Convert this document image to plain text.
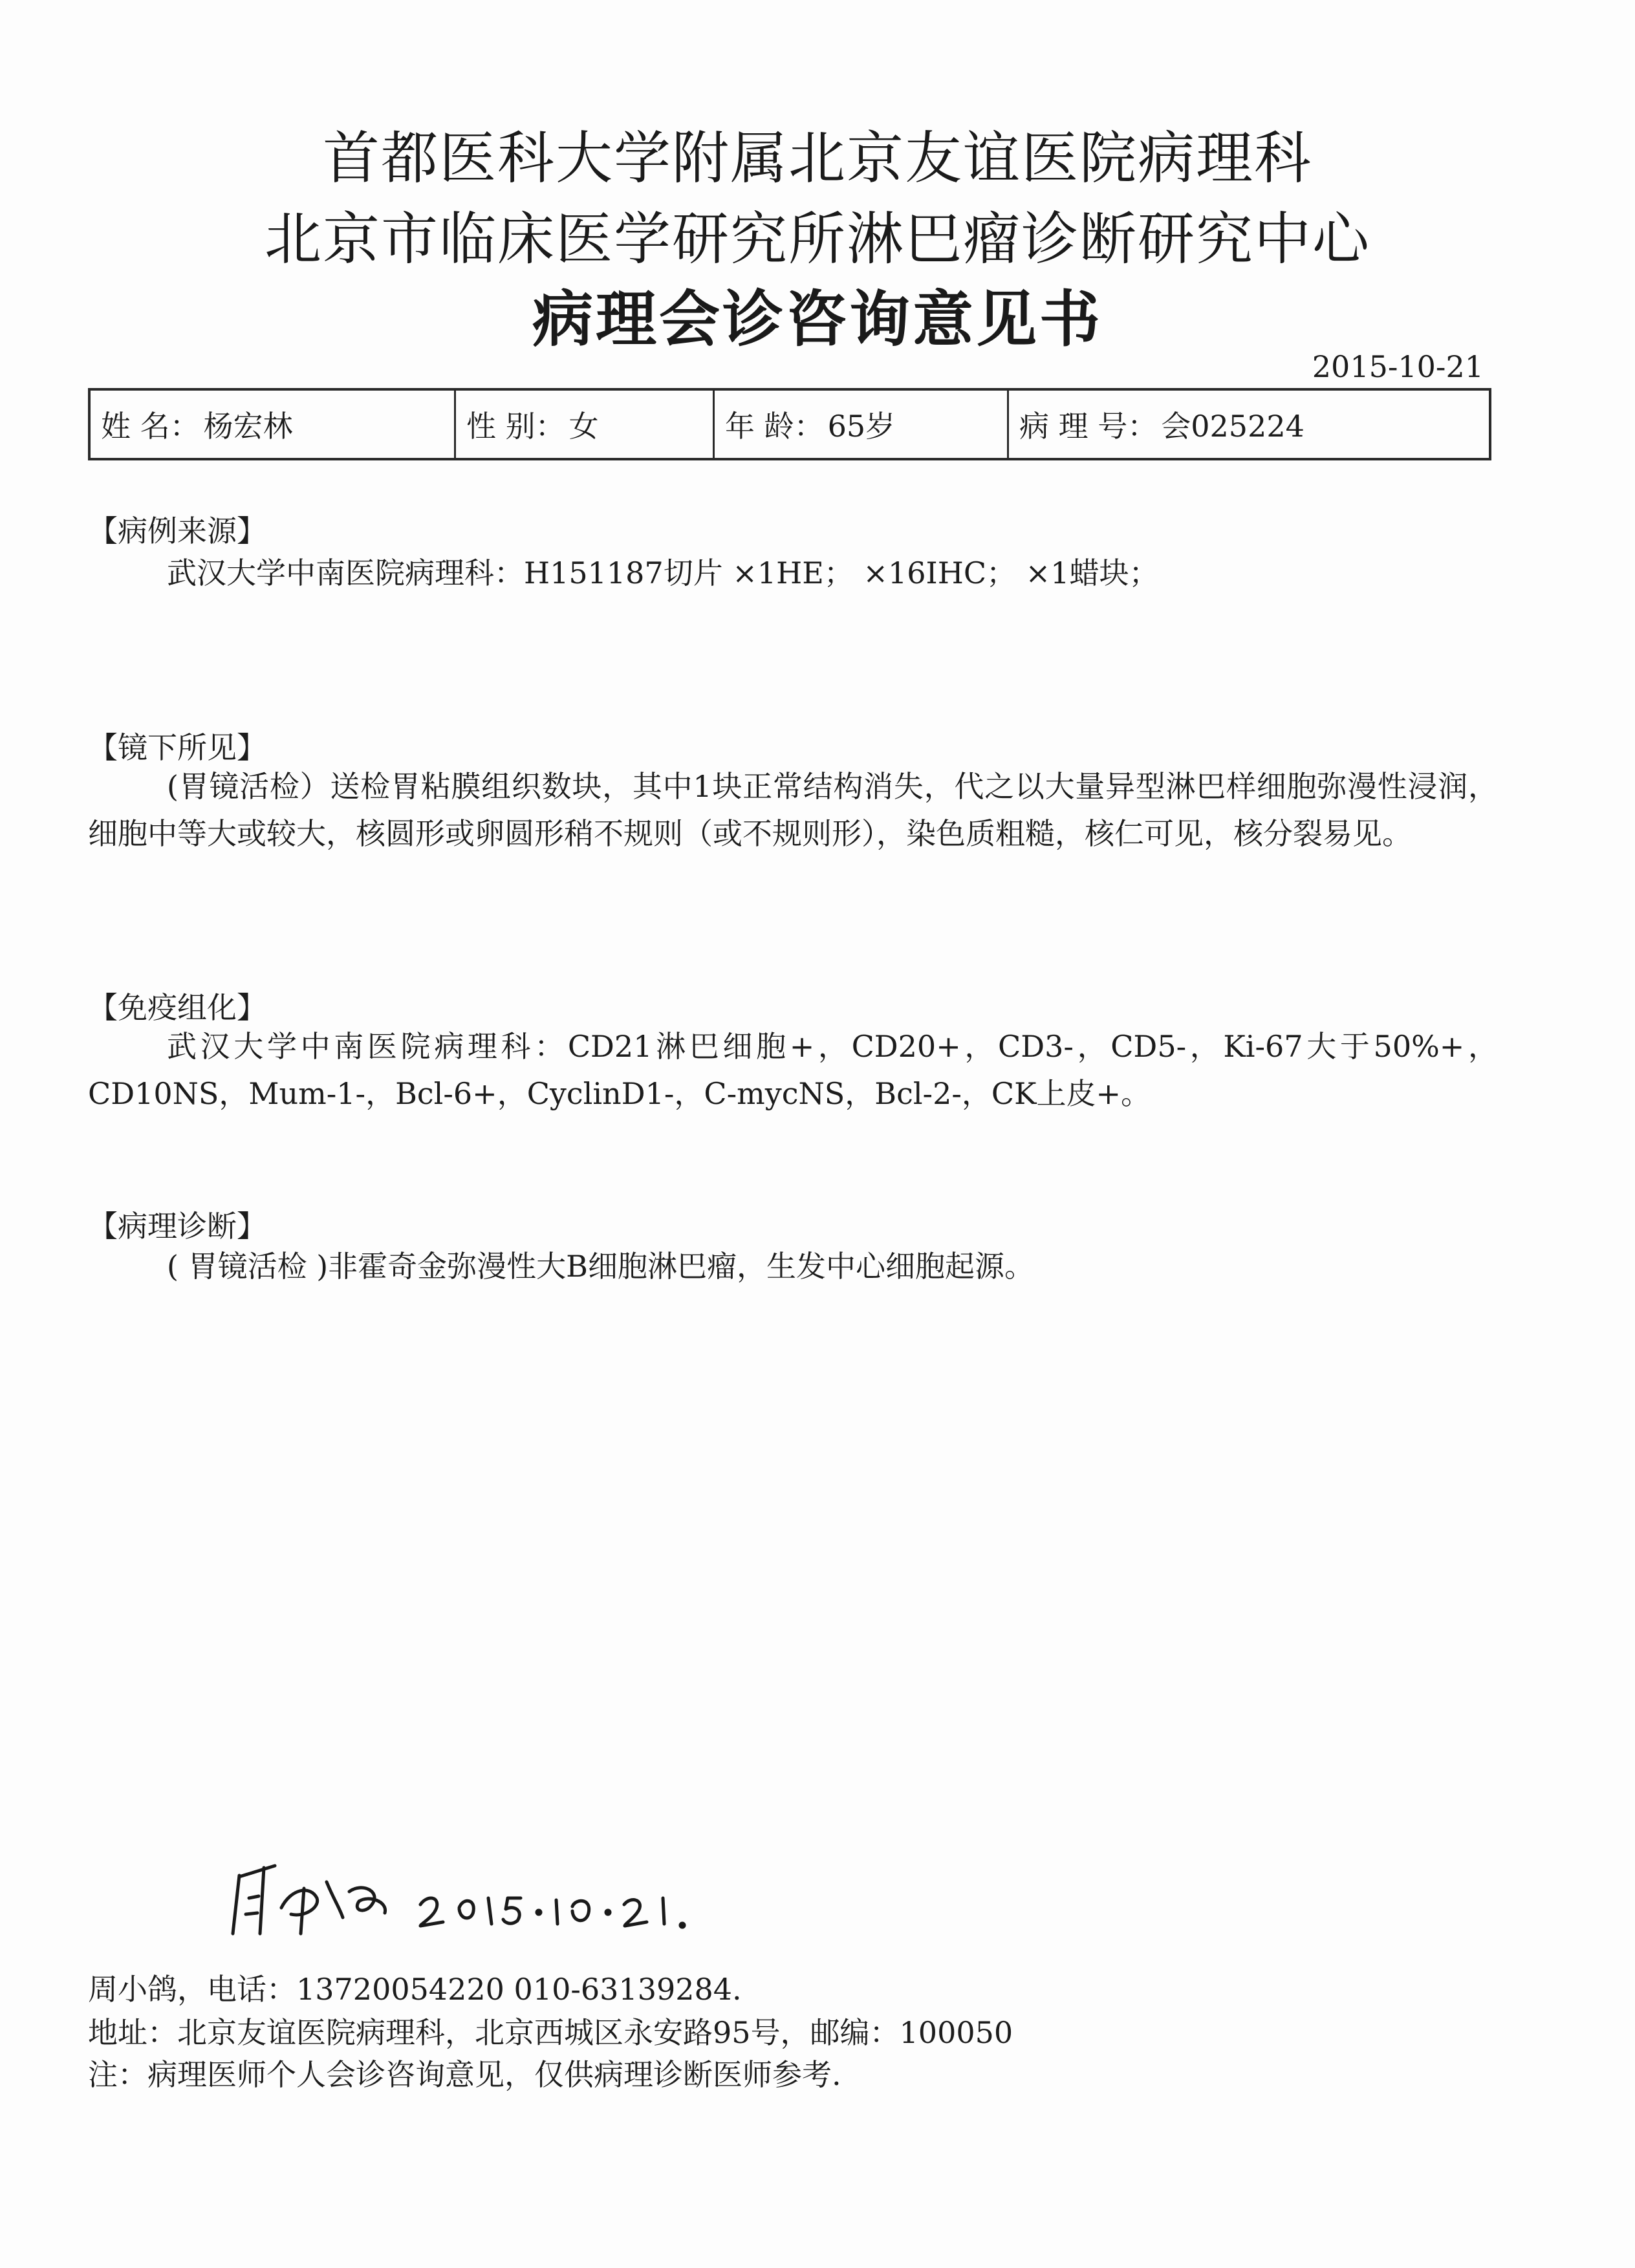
首都医科大学附属北京友谊医院病理科
北京市临床医学研究所淋巴瘤诊断研究中心
病理会诊咨询意见书
2015-10-21
姓 名： 杨宏林	性 别： 女	年 龄： 65岁	病 理 号： 会025224
【病例来源】
武汉大学中南医院病理科：H151187切片 ×1HE； ×16IHC； ×1蜡块；
【镜下所见】
(胃镜活检）送检胃粘膜组织数块，其中1块正常结构消失，代之以大量异型淋巴样细胞弥漫性浸润，细胞中等大或较大，核圆形或卵圆形稍不规则（或不规则形），染色质粗糙，核仁可见，核分裂易见。
【免疫组化】
武汉大学中南医院病理科：CD21淋巴细胞+，CD20+，CD3-，CD5-，Ki-67大于50%+，CD10NS，Mum-1-，Bcl-6+，CyclinD1-，C-mycNS，Bcl-2-，CK上皮+。
【病理诊断】
( 胃镜活检 )非霍奇金弥漫性大B细胞淋巴瘤，生发中心细胞起源。
周小鸽，电话：13720054220 010-63139284.
地址：北京友谊医院病理科，北京西城区永安路95号，邮编：100050
注：病理医师个人会诊咨询意见，仅供病理诊断医师参考.
